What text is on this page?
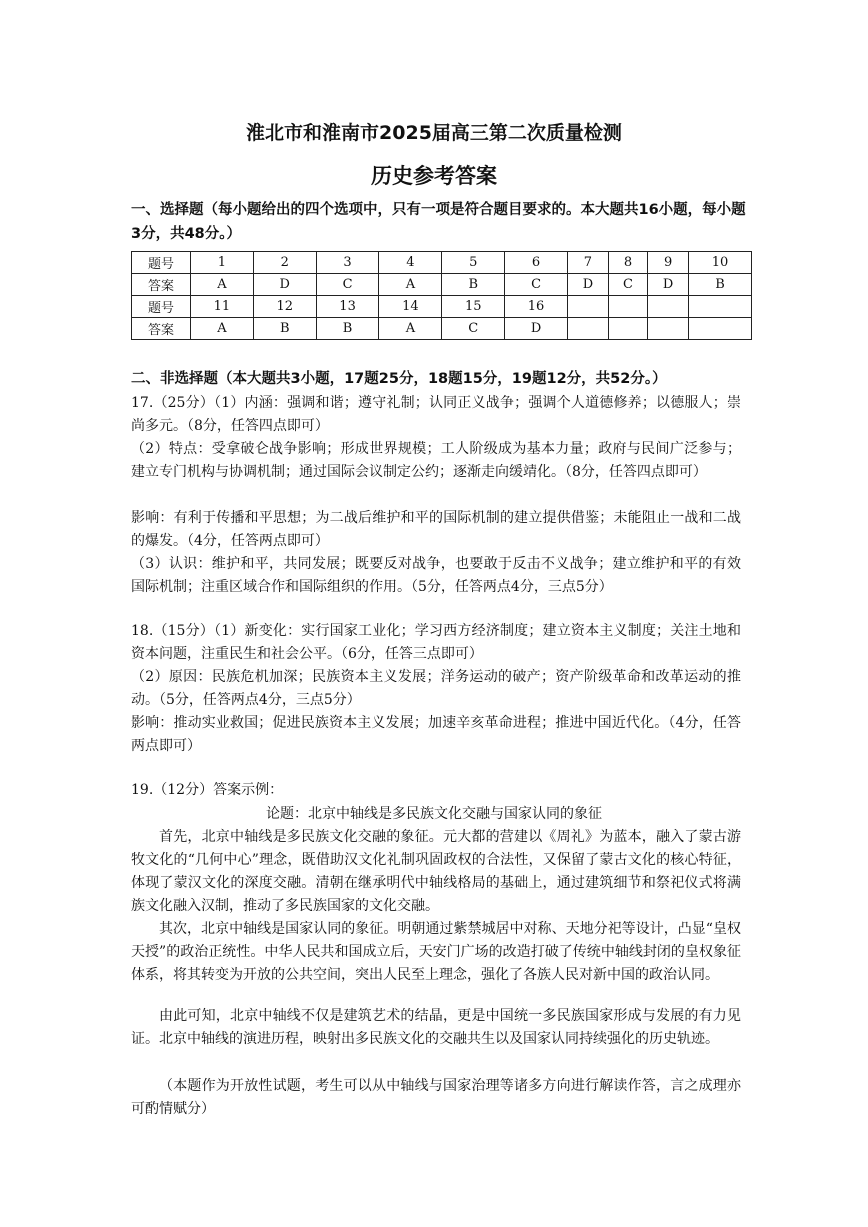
淮北市和淮南市2025届高三第二次质量检测
历史参考答案
一、选择题（每小题给出的四个选项中，只有一项是符合题目要求的。本大题共16小题，每小题3分，共48分。）
题号	1	2	3	4	5	6	7	8	9	10
答案	A	D	C	A	B	C	D	C	D	B
题号	11	12	13	14	15	16				
答案	A	B	B	A	C	D				
二、非选择题（本大题共3小题，17题25分，18题15分，19题12分，共52分。）
17.（25分）（1）内涵：强调和谐；遵守礼制；认同正义战争；强调个人道德修养；以德服人；崇尚多元。（8分，任答四点即可）
（2）特点：受拿破仑战争影响；形成世界规模；工人阶级成为基本力量；政府与民间广泛参与；建立专门机构与协调机制；通过国际会议制定公约；逐渐走向缓靖化。（8分，任答四点即可）
影响：有利于传播和平思想；为二战后维护和平的国际机制的建立提供借鉴；未能阻止一战和二战的爆发。（4分，任答两点即可）
（3）认识：维护和平，共同发展；既要反对战争，也要敢于反击不义战争；建立维护和平的有效国际机制；注重区域合作和国际组织的作用。（5分，任答两点4分，三点5分）
18.（15分）（1）新变化：实行国家工业化；学习西方经济制度；建立资本主义制度；关注土地和资本问题，注重民生和社会公平。（6分，任答三点即可）
（2）原因：民族危机加深；民族资本主义发展；洋务运动的破产；资产阶级革命和改革运动的推动。（5分，任答两点4分，三点5分）
影响：推动实业救国；促进民族资本主义发展；加速辛亥革命进程；推进中国近代化。（4分，任答两点即可）
19.（12分）答案示例：
论题：北京中轴线是多民族文化交融与国家认同的象征
首先，北京中轴线是多民族文化交融的象征。元大都的营建以《周礼》为蓝本，融入了蒙古游牧文化的“几何中心”理念，既借助汉文化礼制巩固政权的合法性，又保留了蒙古文化的核心特征，体现了蒙汉文化的深度交融。清朝在继承明代中轴线格局的基础上，通过建筑细节和祭祀仪式将满族文化融入汉制，推动了多民族国家的文化交融。
其次，北京中轴线是国家认同的象征。明朝通过紫禁城居中对称、天地分祀等设计，凸显“皇权天授”的政治正统性。中华人民共和国成立后，天安门广场的改造打破了传统中轴线封闭的皇权象征体系，将其转变为开放的公共空间，突出人民至上理念，强化了各族人民对新中国的政治认同。
由此可知，北京中轴线不仅是建筑艺术的结晶，更是中国统一多民族国家形成与发展的有力见证。北京中轴线的演进历程，映射出多民族文化的交融共生以及国家认同持续强化的历史轨迹。
（本题作为开放性试题，考生可以从中轴线与国家治理等诸多方向进行解读作答，言之成理亦可酌情赋分）
